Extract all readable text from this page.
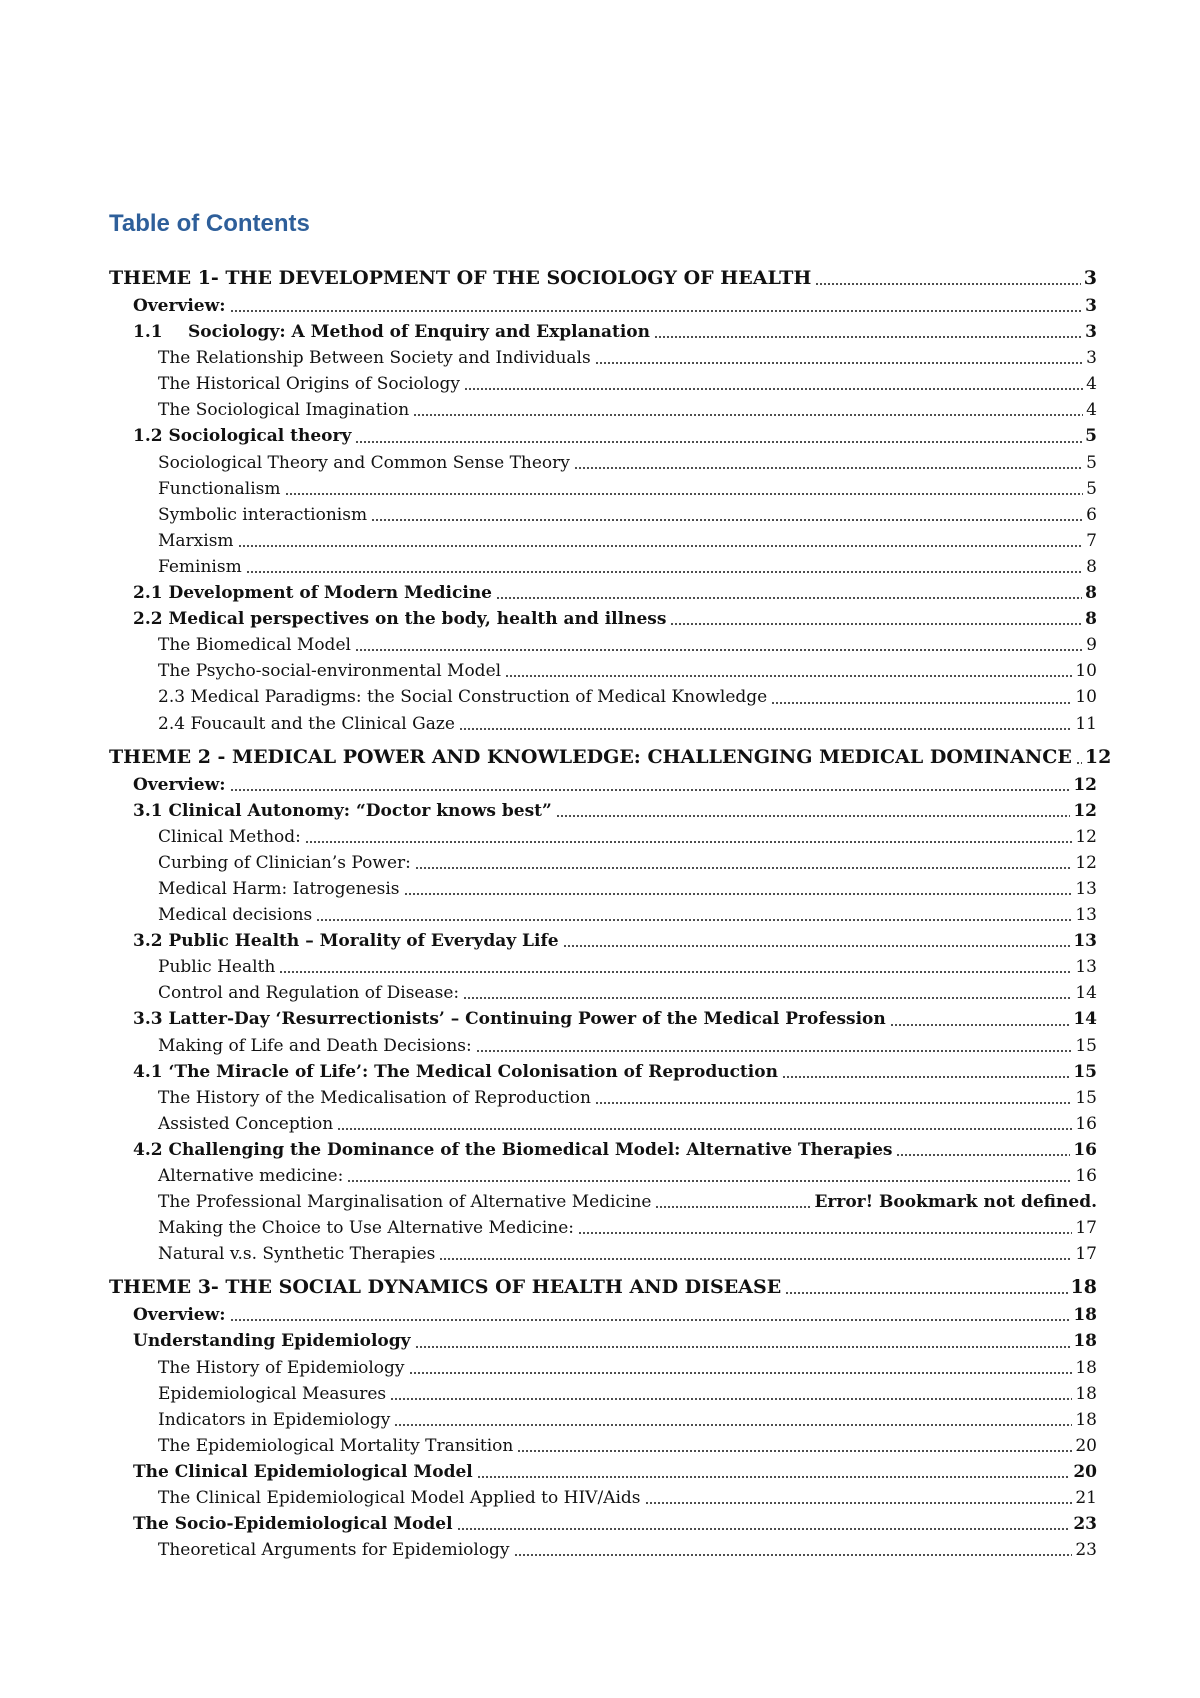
Table of Contents
THEME 1- THE DEVELOPMENT OF THE SOCIOLOGY OF HEALTH	3
Overview:	3
1.1 Sociology: A Method of Enquiry and Explanation	3
The Relationship Between Society and Individuals	3
The Historical Origins of Sociology	4
The Sociological Imagination	4
1.2 Sociological theory	5
Sociological Theory and Common Sense Theory	5
Functionalism	5
Symbolic interactionism	6
Marxism	7
Feminism	8
2.1 Development of Modern Medicine	8
2.2 Medical perspectives on the body, health and illness	8
The Biomedical Model	9
The Psycho-social-environmental Model	10
2.3 Medical Paradigms: the Social Construction of Medical Knowledge	10
2.4 Foucault and the Clinical Gaze	11
THEME 2 - MEDICAL POWER AND KNOWLEDGE: CHALLENGING MEDICAL DOMINANCE 12
Overview:	12
3.1 Clinical Autonomy: “Doctor knows best”	12
Clinical Method:	12
Curbing of Clinician’s Power:	12
Medical Harm: Iatrogenesis	13
Medical decisions	13
3.2 Public Health – Morality of Everyday Life	13
Public Health	13
Control and Regulation of Disease:	14
3.3 Latter-Day ‘Resurrectionists’ – Continuing Power of the Medical Profession	14
Making of Life and Death Decisions:	15
4.1 ‘The Miracle of Life’: The Medical Colonisation of Reproduction	15
The History of the Medicalisation of Reproduction	15
Assisted Conception	16
4.2 Challenging the Dominance of the Biomedical Model: Alternative Therapies	16
Alternative medicine:	16
The Professional Marginalisation of Alternative Medicine	Error! Bookmark not defined.
Making the Choice to Use Alternative Medicine:	17
Natural v.s. Synthetic Therapies	17
THEME 3- THE SOCIAL DYNAMICS OF HEALTH AND DISEASE	18
Overview:	18
Understanding Epidemiology	18
The History of Epidemiology	18
Epidemiological Measures	18
Indicators in Epidemiology	18
The Epidemiological Mortality Transition	20
The Clinical Epidemiological Model	20
The Clinical Epidemiological Model Applied to HIV/Aids	21
The Socio-Epidemiological Model	23
Theoretical Arguments for Epidemiology	23
